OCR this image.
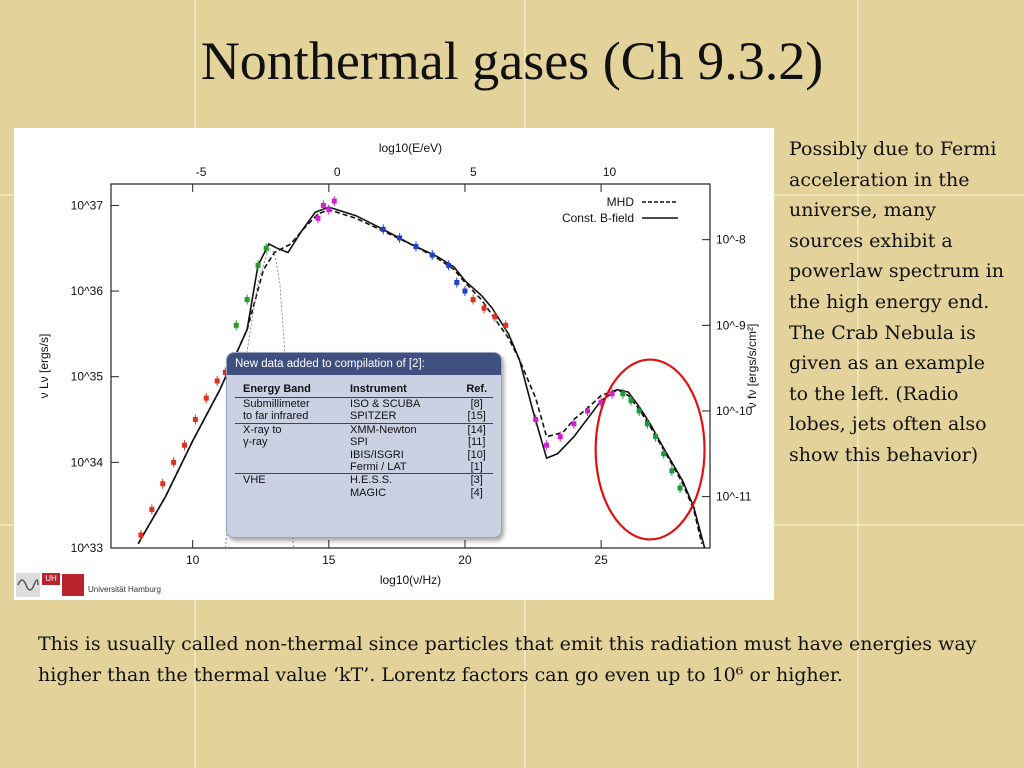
Nonthermal gases (Ch 9.3.2)
Possibly due to Fermi acceleration in the universe, many sources exhibit a powerlaw spectrum in the high energy end. The Crab Nebula is given as an example to the left. (Radio lobes, jets often also show this behavior)
This is usually called non-thermal since particles that emit this radiation must have energies way higher than the thermal value ‘kT’. Lorentz factors can go even up to 10⁶ or higher.
10	15	20	25
-5	0	5	10
10^33
10^34
10^35
10^36
10^37
10^-11
10^-10
10^-9
10^-8
log10(ν/Hz)
log10(E/eV)
ν Lν [ergs/s]	ν fν [ergs/s/cm²]
MHD
Const. B-field
UH
Universität Hamburg
New data added to compilation of [2]:
Energy Band	Instrument	Ref.
Submillimeter	ISO & SCUBA	[8]
to far infrared	SPITZER	[15]
X-ray to	XMM-Newton	[14]
γ-ray	SPI	[11]
	IBIS/ISGRI	[10]
	Fermi / LAT	[1]
VHE	H.E.S.S.	[3]
	MAGIC	[4]
